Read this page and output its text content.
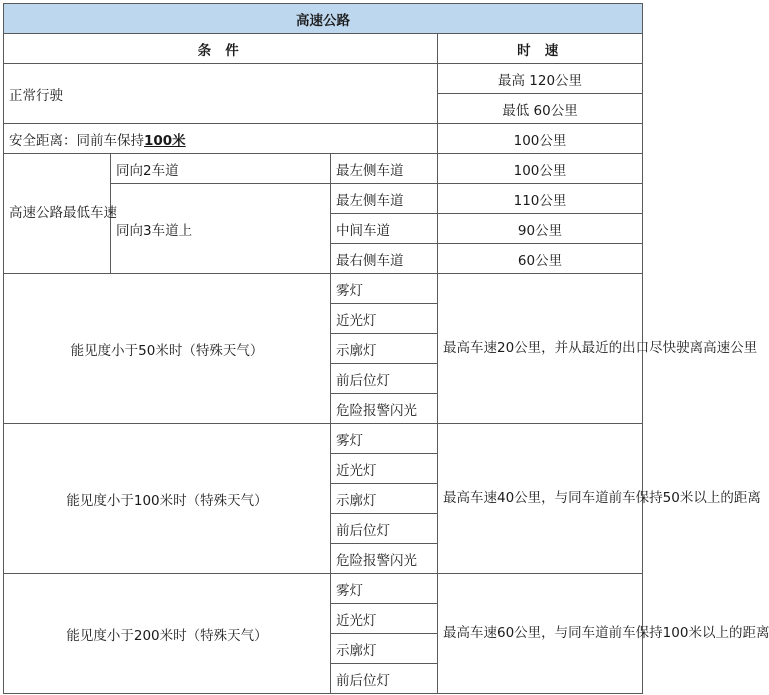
高速公路			
条 件			时 速
正常行驶			最高 120公里
			最低 60公里
安全距离：同前车保持100米			100公里
高速公路最低车速	同向2车道	最左侧车道	100公里
	同向3车道上	最左侧车道	110公里
		中间车道	90公里
		最右侧车道	60公里
能见度小于50米时（特殊天气）		雾灯	最高车速20公里，并从最近的出口尽快驶离高速公里
		近光灯	
		示廓灯	
		前后位灯	
		危险报警闪光	
能见度小于100米时（特殊天气）		雾灯	最高车速40公里，与同车道前车保持50米以上的距离
		近光灯	
		示廓灯	
		前后位灯	
		危险报警闪光	
能见度小于200米时（特殊天气）		雾灯	最高车速60公里，与同车道前车保持100米以上的距离
		近光灯	
		示廓灯	
		前后位灯	
